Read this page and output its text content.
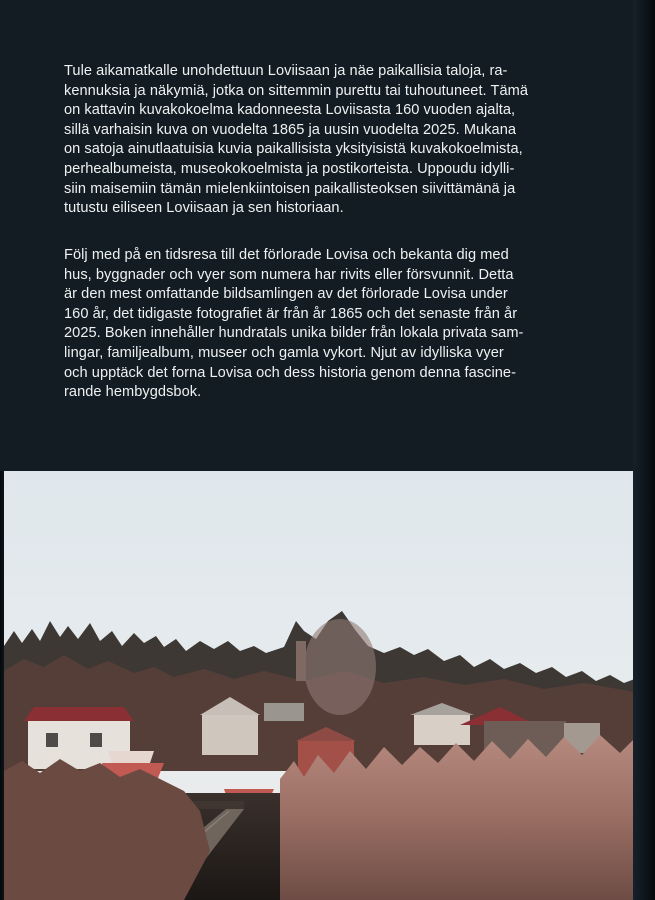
Tule aikamatkalle unohdettuun Loviisaan ja näe paikallisia taloja, ra-

kennuksia ja näkymiä, jotka on sittemmin purettu tai tuhoutuneet. Tämä

on kattavin kuvakokoelma kadonneesta Loviisasta 160 vuoden ajalta,

sillä varhaisin kuva on vuodelta 1865 ja uusin vuodelta 2025. Mukana

on satoja ainutlaatuisia kuvia paikallisista yksityisistä kuvakokoelmista,

perhealbumeista, museokokoelmista ja postikorteista. Uppoudu idylli-

siin maisemiin tämän mielenkiintoisen paikallisteoksen siivittämänä ja

tutustu eiliseen Loviisaan ja sen historiaan.

Följ med på en tidsresa till det förlorade Lovisa och bekanta dig med

hus, byggnader och vyer som numera har rivits eller försvunnit. Detta

är den mest omfattande bildsamlingen av det förlorade Lovisa under

160 år, det tidigaste fotografiet är från år 1865 och det senaste från år

2025. Boken innehåller hundratals unika bilder från lokala privata sam-

lingar, familjealbum, museer och gamla vykort. Njut av idylliska vyer

och upptäck det forna Lovisa och dess historia genom denna fascine-

rande hembygdsbok.
